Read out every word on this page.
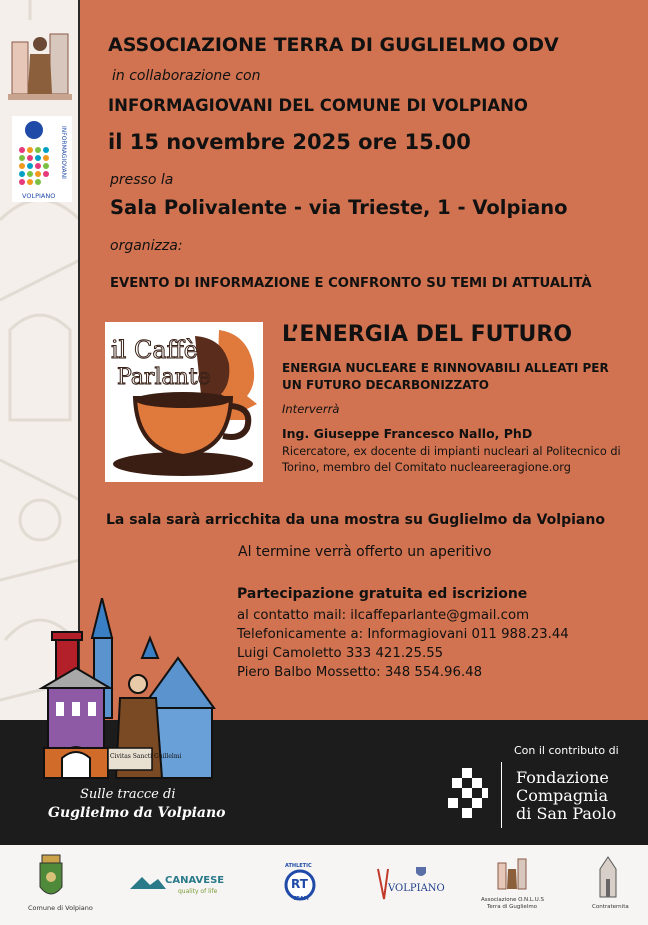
INFORMAGIOVANI
VOLPIANO
ASSOCIAZIONE TERRA DI GUGLIELMO ODV
in collaborazione con
INFORMAGIOVANI DEL COMUNE DI VOLPIANO
il 15 novembre 2025 ore 15.00
presso la
Sala Polivalente - via Trieste, 1 - Volpiano
organizza:
EVENTO DI INFORMAZIONE E CONFRONTO SU TEMI DI ATTUALITÀ
il Caffè
Parlante
L’ENERGIA DEL FUTURO
ENERGIA NUCLEARE E RINNOVABILI ALLEATI PER UN FUTURO DECARBONIZZATO
Interverrà
Ing. Giuseppe Francesco Nallo, PhD
Ricercatore, ex docente di impianti nucleari al Politecnico di Torino, membro del Comitato nucleareeragione.org
La sala sarà arricchita da una mostra su Guglielmo da Volpiano
Al termine verrà offerto un aperitivo
Partecipazione gratuita ed iscrizione
al contatto mail: ilcaffeparlante@gmail.com
Telefonicamente a: Informagiovani 011 988.23.44
Luigi Camoletto 333 421.25.55
Piero Balbo Mossetto: 348 554.96.48
Civitas Sancti Guillelmi
Sulle tracce di
Guglielmo da Volpiano
Con il contributo di
Fondazione
Compagnia
di San Paolo
Comune di Volpiano
CANAVESE
quality of life
ATHLETIC
RT
TEAM
VOLPIANO
Associazione O.N.L.U.S
Terra di Guglielmo	Contraternita
